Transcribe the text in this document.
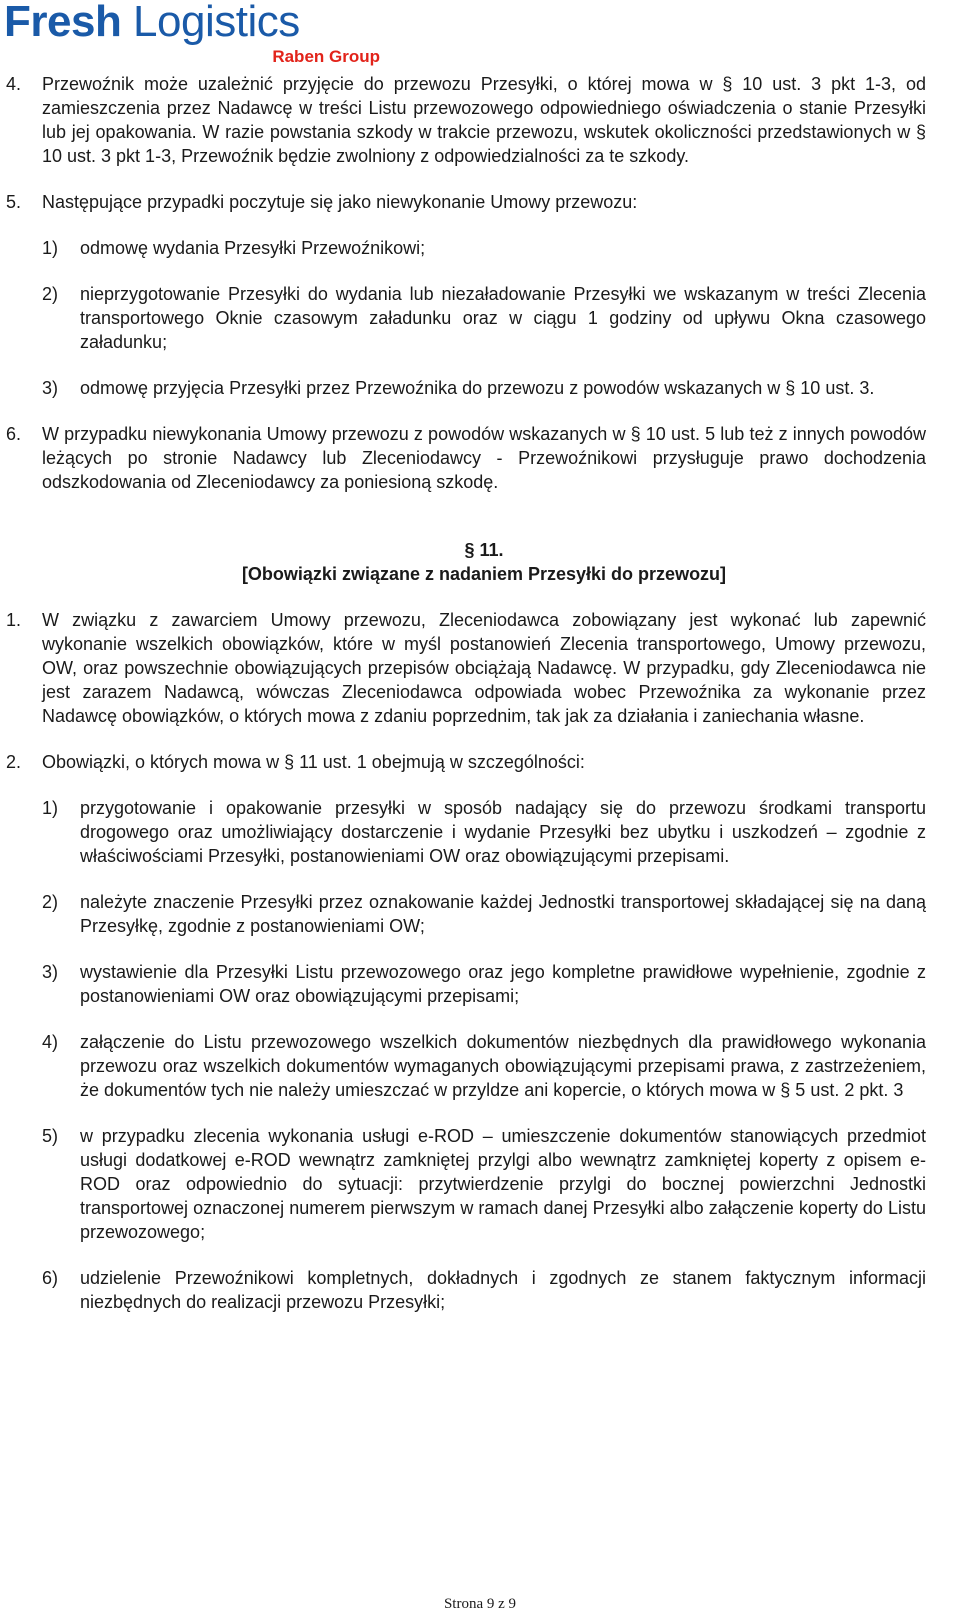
Fresh Logistics
Raben Group
4. Przewoźnik może uzależnić przyjęcie do przewozu Przesyłki, o której mowa w § 10 ust. 3 pkt 1-3, od zamieszczenia przez Nadawcę w treści Listu przewozowego odpowiedniego oświadczenia o stanie Przesyłki lub jej opakowania. W razie powstania szkody w trakcie przewozu, wskutek okoliczności przedstawionych w § 10 ust. 3 pkt 1-3, Przewoźnik będzie zwolniony z odpowiedzialności za te szkody.
5. Następujące przypadki poczytuje się jako niewykonanie Umowy przewozu:
1) odmowę wydania Przesyłki Przewoźnikowi;
2) nieprzygotowanie Przesyłki do wydania lub niezaładowanie Przesyłki we wskazanym w treści Zlecenia transportowego Oknie czasowym załadunku oraz w ciągu 1 godziny od upływu Okna czasowego załadunku;
3) odmowę przyjęcia Przesyłki przez Przewoźnika do przewozu z powodów wskazanych w § 10 ust. 3.
6. W przypadku niewykonania Umowy przewozu z powodów wskazanych w § 10 ust. 5 lub też z innych powodów leżących po stronie Nadawcy lub Zleceniodawcy - Przewoźnikowi przysługuje prawo dochodzenia odszkodowania od Zleceniodawcy za poniesioną szkodę.
§ 11.
[Obowiązki związane z nadaniem Przesyłki do przewozu]
1. W związku z zawarciem Umowy przewozu, Zleceniodawca zobowiązany jest wykonać lub zapewnić wykonanie wszelkich obowiązków, które w myśl postanowień Zlecenia transportowego, Umowy przewozu, OW, oraz powszechnie obowiązujących przepisów obciążają Nadawcę. W przypadku, gdy Zleceniodawca nie jest zarazem Nadawcą, wówczas Zleceniodawca odpowiada wobec Przewoźnika za wykonanie przez Nadawcę obowiązków, o których mowa z zdaniu poprzednim, tak jak za działania i zaniechania własne.
2. Obowiązki, o których mowa w § 11 ust. 1 obejmują w szczególności:
1) przygotowanie i opakowanie przesyłki w sposób nadający się do przewozu środkami transportu drogowego oraz umożliwiający dostarczenie i wydanie Przesyłki bez ubytku i uszkodzeń – zgodnie z właściwościami Przesyłki, postanowieniami OW oraz obowiązującymi przepisami.
2) należyte znaczenie Przesyłki przez oznakowanie każdej Jednostki transportowej składającej się na daną Przesyłkę, zgodnie z postanowieniami OW;
3) wystawienie dla Przesyłki Listu przewozowego oraz jego kompletne prawidłowe wypełnienie, zgodnie z postanowieniami OW oraz obowiązującymi przepisami;
4) załączenie do Listu przewozowego wszelkich dokumentów niezbędnych dla prawidłowego wykonania przewozu oraz wszelkich dokumentów wymaganych obowiązującymi przepisami prawa, z zastrzeżeniem, że dokumentów tych nie należy umieszczać w przyldze ani kopercie, o których mowa w § 5 ust. 2 pkt. 3
5) w przypadku zlecenia wykonania usługi e-ROD – umieszczenie dokumentów stanowiących przedmiot usługi dodatkowej e-ROD wewnątrz zamkniętej przylgi albo wewnątrz zamkniętej koperty z opisem e-ROD oraz odpowiednio do sytuacji: przytwierdzenie przylgi do bocznej powierzchni Jednostki transportowej oznaczonej numerem pierwszym w ramach danej Przesyłki albo załączenie koperty do Listu przewozowego;
6) udzielenie Przewoźnikowi kompletnych, dokładnych i zgodnych ze stanem faktycznym informacji niezbędnych do realizacji przewozu Przesyłki;
Strona 9 z 9
